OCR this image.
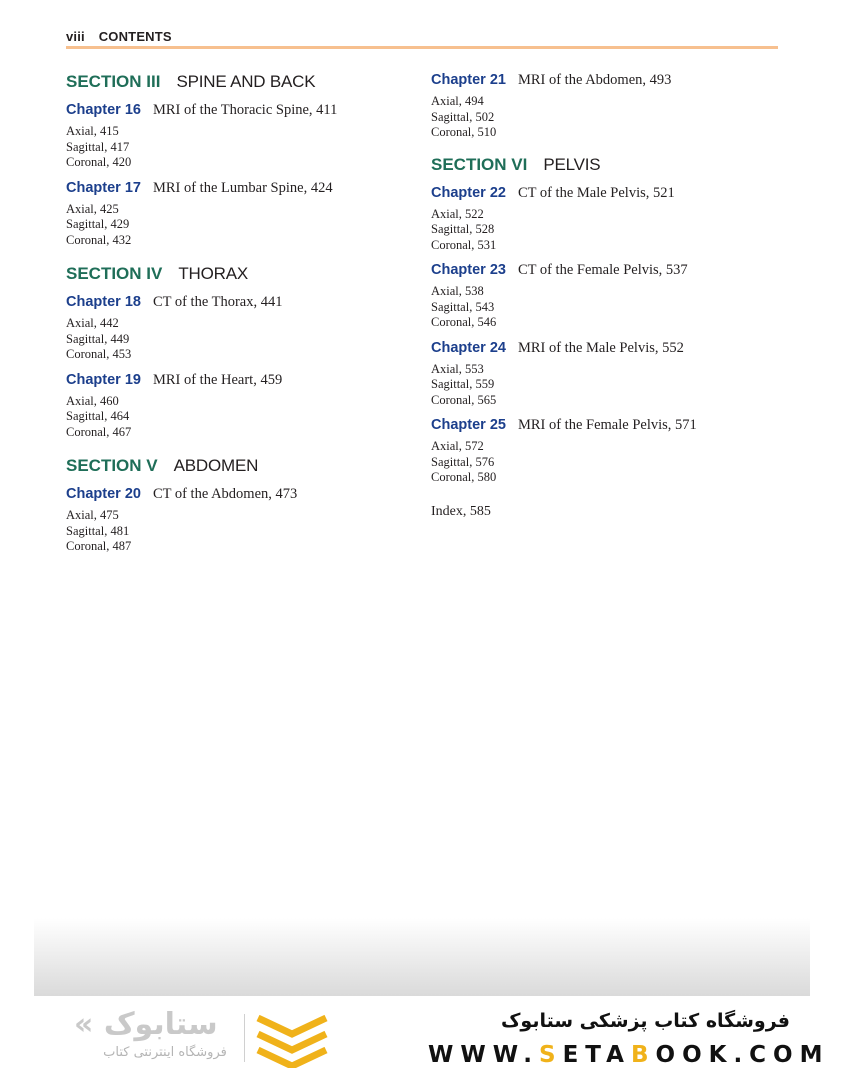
viii CONTENTS
SECTION III SPINE AND BACK
Chapter 16 MRI of the Thoracic Spine, 411
Axial, 415
Sagittal, 417
Coronal, 420
Chapter 17 MRI of the Lumbar Spine, 424
Axial, 425
Sagittal, 429
Coronal, 432
SECTION IV THORAX
Chapter 18 CT of the Thorax, 441
Axial, 442
Sagittal, 449
Coronal, 453
Chapter 19 MRI of the Heart, 459
Axial, 460
Sagittal, 464
Coronal, 467
SECTION V ABDOMEN
Chapter 20 CT of the Abdomen, 473
Axial, 475
Sagittal, 481
Coronal, 487
Chapter 21 MRI of the Abdomen, 493
Axial, 494
Sagittal, 502
Coronal, 510
SECTION VI PELVIS
Chapter 22 CT of the Male Pelvis, 521
Axial, 522
Sagittal, 528
Coronal, 531
Chapter 23 CT of the Female Pelvis, 537
Axial, 538
Sagittal, 543
Coronal, 546
Chapter 24 MRI of the Male Pelvis, 552
Axial, 553
Sagittal, 559
Coronal, 565
Chapter 25 MRI of the Female Pelvis, 571
Axial, 572
Sagittal, 576
Coronal, 580
Index, 585
« ستابوک
فروشگاه اینترنتی کتاب
فروشگاه کتاب پزشکی ستابوک
WWW.SETABOOK.COM
